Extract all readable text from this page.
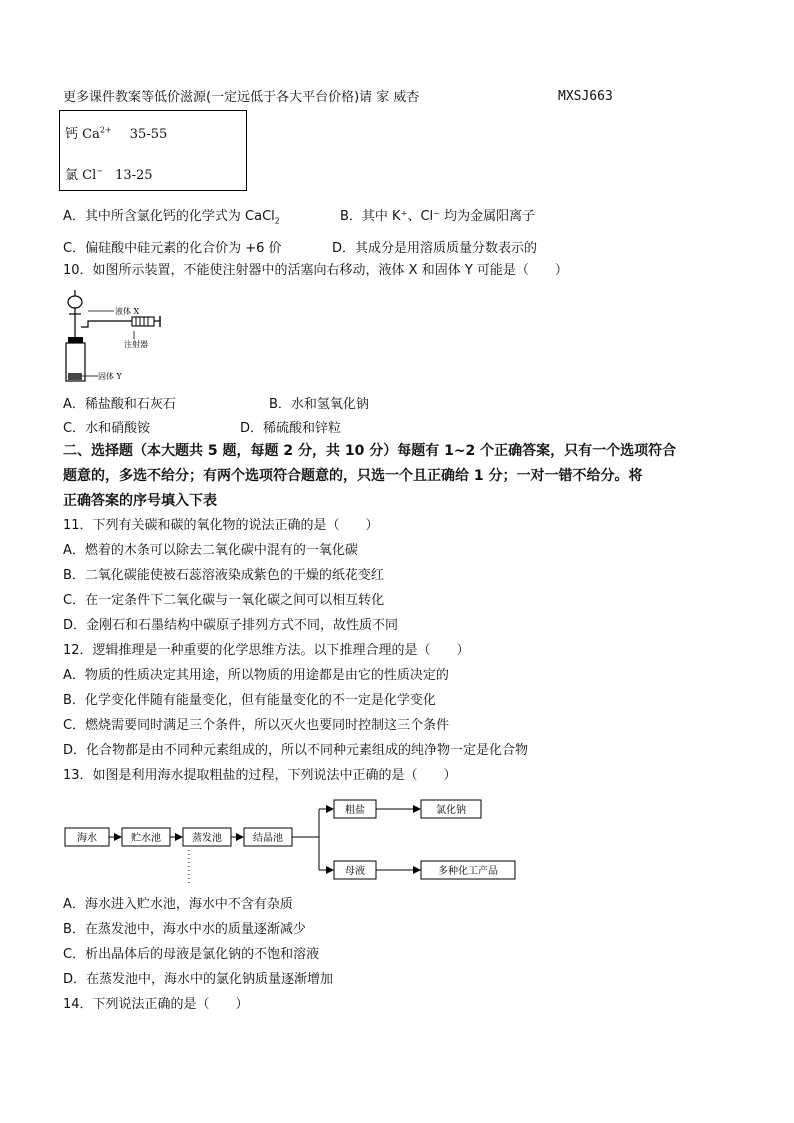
更多课件教案等低价滋源(一定远低于各大平台价格)请 家 威杏	MXSJ663
钙 $Ca^{2+}$ 35-55
氯 Cl− 13-25
A．其中所含氯化钙的化学式为 CaCl$_2$	B．其中 K⁺、Cl⁻ 均为金属阳离子
C．偏硅酸中硅元素的化合价为 +6 价	D．其成分是用溶质质量分数表示的
10．如图所示装置，不能使注射器中的活塞向右移动，液体 X 和固体 Y 可能是（　　）
液体 X
注射器
固体 Y
A．稀盐酸和石灰石	B．水和氢氧化钠
C．水和硝酸铵	D．稀硫酸和锌粒
二、选择题（本大题共 5 题，每题 2 分，共 10 分）每题有 1~2 个正确答案，只有一个选项符合
题意的，多选不给分；有两个选项符合题意的，只选一个且正确给 1 分；一对一错不给分。将
正确答案的序号填入下表
11．下列有关碳和碳的氧化物的说法正确的是（　　）
A．燃着的木条可以除去二氧化碳中混有的一氧化碳
B．二氧化碳能使被石蕊溶液染成紫色的干燥的纸花变红
C．在一定条件下二氧化碳与一氧化碳之间可以相互转化
D．金刚石和石墨结构中碳原子排列方式不同，故性质不同
12．逻辑推理是一种重要的化学思维方法。以下推理合理的是（　　）
A．物质的性质决定其用途，所以物质的用途都是由它的性质决定的
B．化学变化伴随有能量变化，但有能量变化的不一定是化学变化
C．燃烧需要同时满足三个条件，所以灭火也要同时控制这三个条件
D．化合物都是由不同种元素组成的，所以不同种元素组成的纯净物一定是化合物
13．如图是利用海水提取粗盐的过程，下列说法中正确的是（　　）
海水	贮水池	蒸发池	结晶池
粗盐	氯化钠
母液	多种化工产品
A．海水进入贮水池，海水中不含有杂质
B．在蒸发池中，海水中水的质量逐渐减少
C．析出晶体后的母液是氯化钠的不饱和溶液
D．在蒸发池中，海水中的氯化钠质量逐渐增加
14．下列说法正确的是（　　）
